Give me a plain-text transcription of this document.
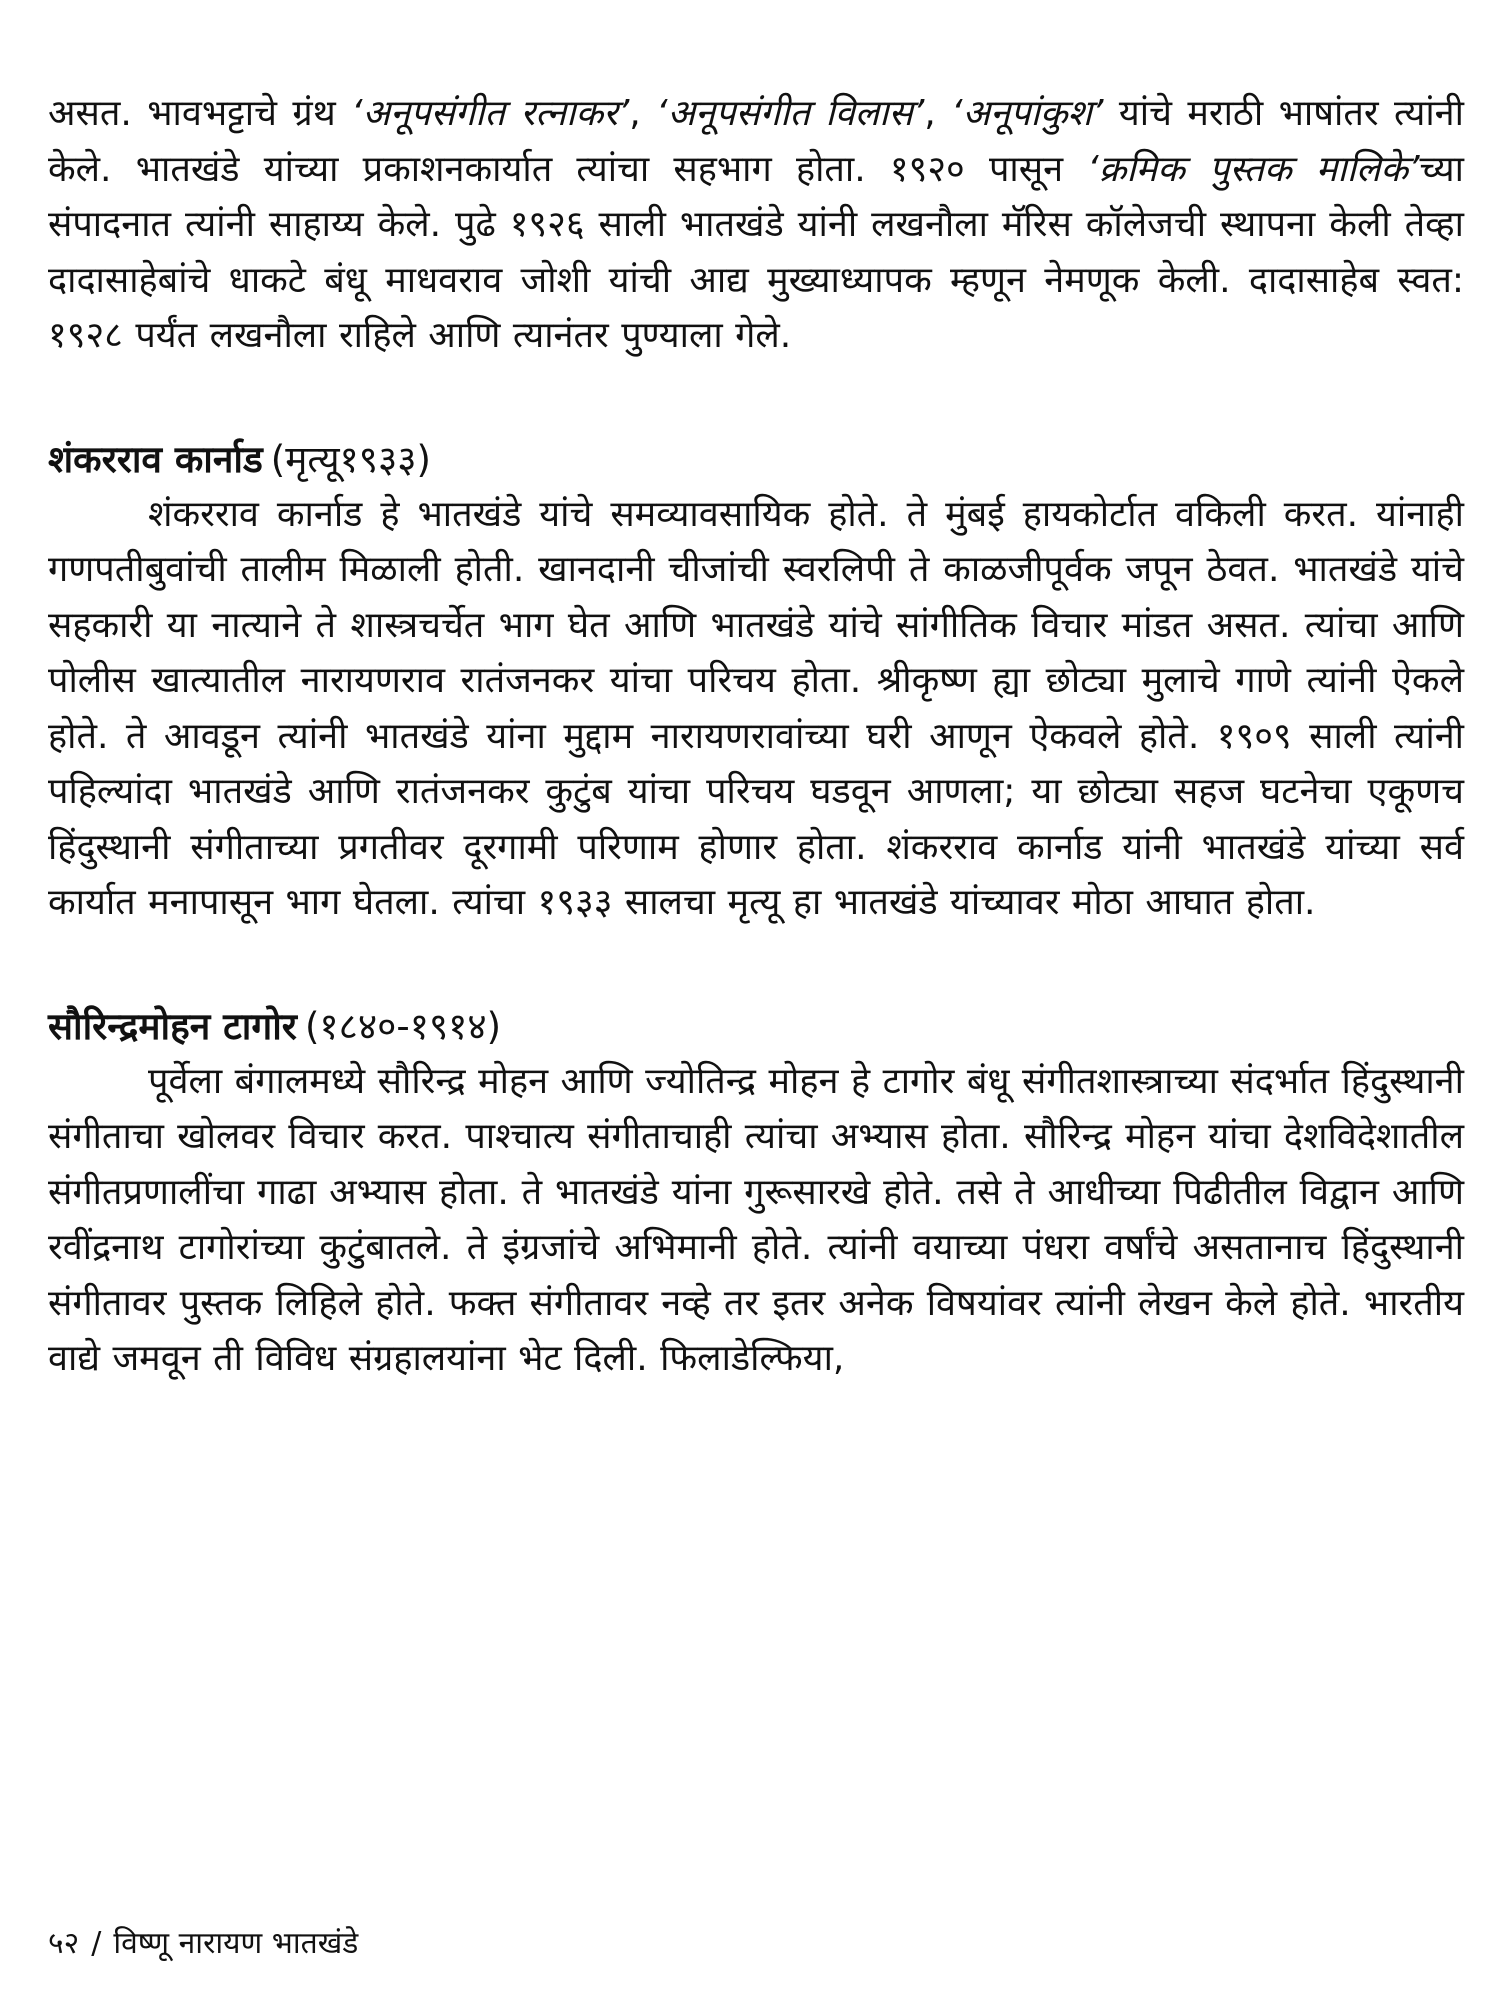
असत. भावभट्टाचे ग्रंथ ‘अनूपसंगीत रत्नाकर’, ‘अनूपसंगीत विलास’, ‘अनूपांकुश’ यांचे मराठी भाषांतर त्यांनी केले. भातखंडे यांच्या प्रकाशनकार्यात त्यांचा सहभाग होता. १९२० पासून ‘क्रमिक पुस्तक मालिके’च्या संपादनात त्यांनी साहाय्य केले. पुढे १९२६ साली भातखंडे यांनी लखनौला मॅरिस कॉलेजची स्थापना केली तेव्हा दादासाहेबांचे धाकटे बंधू माधवराव जोशी यांची आद्य मुख्याध्यापक म्हणून नेमणूक केली. दादासाहेब स्वत: १९२८ पर्यंत लखनौला राहिले आणि त्यानंतर पुण्याला गेले.

शंकरराव कार्नाड (मृत्यू१९३३)

शंकरराव कार्नाड हे भातखंडे यांचे समव्यावसायिक होते. ते मुंबई हायकोर्टात वकिली करत. यांनाही गणपतीबुवांची तालीम मिळाली होती. खानदानी चीजांची स्वरलिपी ते काळजीपूर्वक जपून ठेवत. भातखंडे यांचे सहकारी या नात्याने ते शास्त्रचर्चेत भाग घेत आणि भातखंडे यांचे सांगीतिक विचार मांडत असत. त्यांचा आणि पोलीस खात्यातील नारायणराव रातंजनकर यांचा परिचय होता. श्रीकृष्ण ह्या छोट्या मुलाचे गाणे त्यांनी ऐकले होते. ते आवडून त्यांनी भातखंडे यांना मुद्दाम नारायणरावांच्या घरी आणून ऐकवले होते. १९०९ साली त्यांनी पहिल्यांदा भातखंडे आणि रातंजनकर कुटुंब यांचा परिचय घडवून आणला; या छोट्या सहज घटनेचा एकूणच हिंदुस्थानी संगीताच्या प्रगतीवर दूरगामी परिणाम होणार होता. शंकरराव कार्नाड यांनी भातखंडे यांच्या सर्व कार्यात मनापासून भाग घेतला. त्यांचा १९३३ सालचा मृत्यू हा भातखंडे यांच्यावर मोठा आघात होता.

सौरिन्द्रमोहन टागोर (१८४०-१९१४)

पूर्वेला बंगालमध्ये सौरिन्द्र मोहन आणि ज्योतिन्द्र मोहन हे टागोर बंधू संगीतशास्त्राच्या संदर्भात हिंदुस्थानी संगीताचा खोलवर विचार करत. पाश्चात्य संगीताचाही त्यांचा अभ्यास होता. सौरिन्द्र मोहन यांचा देशविदेशातील संगीतप्रणालींचा गाढा अभ्यास होता. ते भातखंडे यांना गुरूसारखे होते. तसे ते आधीच्या पिढीतील विद्वान आणि रवींद्रनाथ टागोरांच्या कुटुंबातले. ते इंग्रजांचे अभिमानी होते. त्यांनी वयाच्या पंधरा वर्षांचे असतानाच हिंदुस्थानी संगीतावर पुस्तक लिहिले होते. फक्त संगीतावर नव्हे तर इतर अनेक विषयांवर त्यांनी लेखन केले होते. भारतीय वाद्ये जमवून ती विविध संग्रहालयांना भेट दिली. फिलाडेल्फिया,

५२ / विष्णू नारायण भातखंडे
